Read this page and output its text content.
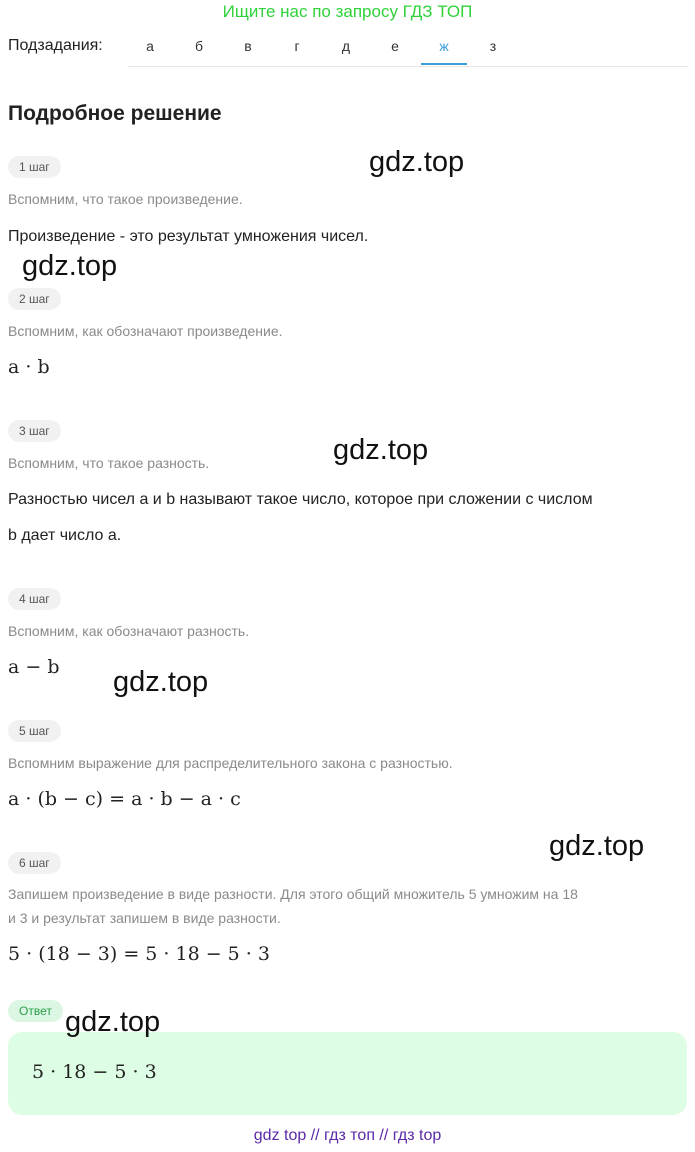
Ищите нас по запросу ГДЗ ТОП
Подзадания:	а	б	в	г	д	е	ж	з
Подробное решение
1 шаг
Вспомним, что такое произведение.
Произведение - это результат умножения чисел.
2 шаг
Вспомним, как обозначают произведение.
a · b
3 шаг
Вспомним, что такое разность.
Разностью чисел a и b называют такое число, которое при сложении с числом
b дает число a.
4 шаг
Вспомним, как обозначают разность.
a − b
5 шаг
Вспомним выражение для распределительного закона с разностью.
a · (b − c) = a · b − a · c
6 шаг
Запишем произведение в виде разности. Для этого общий множитель 5 умножим на 18
и 3 и результат запишем в виде разности.
5 · (18 − 3) = 5 · 18 − 5 · 3
Ответ
5 · 18 − 5 · 3
gdz.top
gdz.top
gdz.top
gdz.top
gdz.top
gdz.top
gdz top // гдз топ // гдз top
